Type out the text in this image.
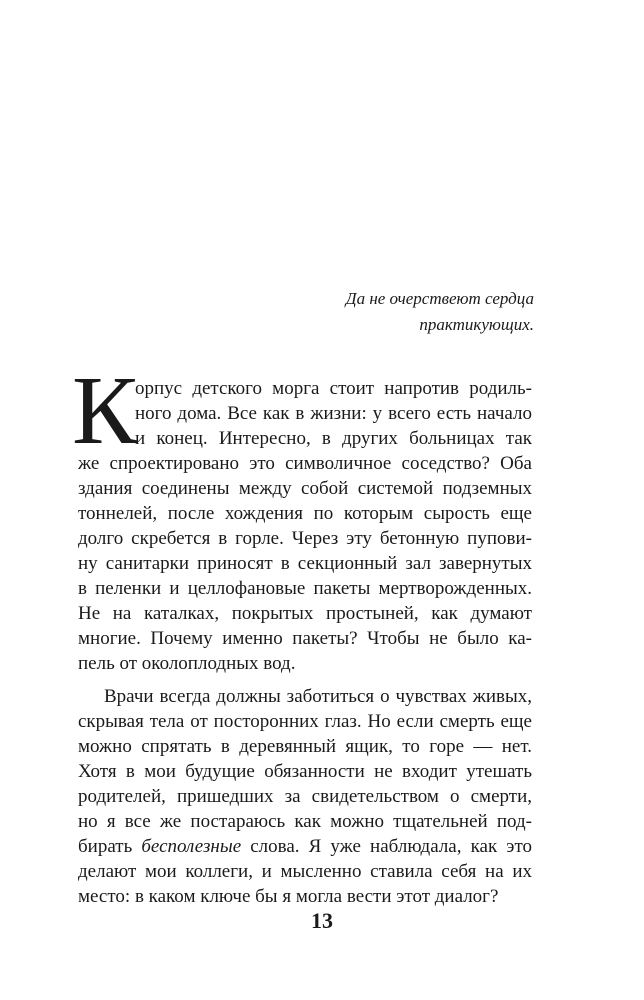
Да не очерствеют сердца
практикующих.
К
орпус детского морга стоит напротив родиль-
ного дома. Все как в жизни: у всего есть начало
и конец. Интересно, в других больницах так
же спроектировано это символичное соседство? Оба
здания соединены между собой системой подземных
тоннелей, после хождения по которым сырость еще
долго скребется в горле. Через эту бетонную пупови-
ну санитарки приносят в секционный зал завернутых
в пеленки и целлофановые пакеты мертворожденных.
Не на каталках, покрытых простыней, как думают
многие. Почему именно пакеты? Чтобы не было ка-
пель от околоплодных вод.
Врачи всегда должны заботиться о чувствах живых,
скрывая тела от посторонних глаз. Но если смерть еще
можно спрятать в деревянный ящик, то горе — нет.
Хотя в мои будущие обязанности не входит утешать
родителей, пришедших за свидетельством о смерти,
но я все же постараюсь как можно тщательней под-
бирать бесполезные слова. Я уже наблюдала, как это
делают мои коллеги, и мысленно ставила себя на их
место: в каком ключе бы я могла вести этот диалог?
13
